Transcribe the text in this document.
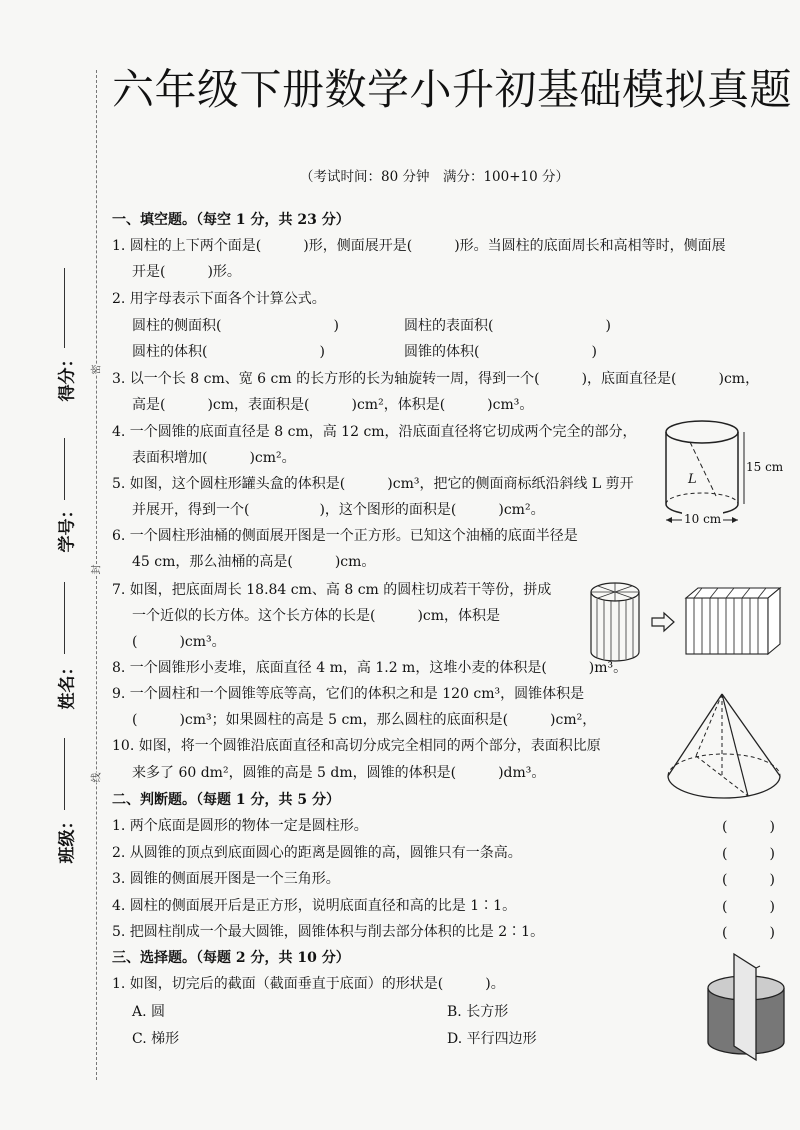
密
封
线
得分：
学号：
姓名：
班级：
六年级下册数学小升初基础模拟真题
（考试时间：80 分钟　满分：100+10 分）
一、填空题。（每空 1 分，共 23 分）
1. 圆柱的上下两个面是(　　　)形，侧面展开是(　　　)形。当圆柱的底面周长和高相等时，侧面展
开是(　　　)形。
2. 用字母表示下面各个计算公式。
圆柱的侧面积(　　　　　　　　)	圆柱的表面积(　　　　　　　　)
圆柱的体积(　　　　　　　　)	圆锥的体积(　　　　　　　　)
3. 以一个长 8 cm、宽 6 cm 的长方形的长为轴旋转一周，得到一个(　　　)，底面直径是(　　　)cm，
高是(　　　)cm，表面积是(　　　)cm²，体积是(　　　)cm³。
4. 一个圆锥的底面直径是 8 cm，高 12 cm，沿底面直径将它切成两个完全的部分，
表面积增加(　　　)cm²。
5. 如图，这个圆柱形罐头盒的体积是(　　　)cm³，把它的侧面商标纸沿斜线 L 剪开
并展开，得到一个(　　　　　)，这个图形的面积是(　　　)cm²。
6. 一个圆柱形油桶的侧面展开图是一个正方形。已知这个油桶的底面半径是
45 cm，那么油桶的高是(　　　)cm。
7. 如图，把底面周长 18.84 cm、高 8 cm 的圆柱切成若干等份，拼成
一个近似的长方体。这个长方体的长是(　　　)cm，体积是
(　　　)cm³。
8. 一个圆锥形小麦堆，底面直径 4 m，高 1.2 m，这堆小麦的体积是(　　　)m³。
9. 一个圆柱和一个圆锥等底等高，它们的体积之和是 120 cm³，圆锥体积是
(　　　)cm³；如果圆柱的高是 5 cm，那么圆柱的底面积是(　　　)cm²，
10. 如图，将一个圆锥沿底面直径和高切分成完全相同的两个部分，表面积比原
来多了 60 dm²，圆锥的高是 5 dm，圆锥的体积是(　　　)dm³。
二、判断题。（每题 1 分，共 5 分）
1. 两个底面是圆形的物体一定是圆柱形。	(　　　)
2. 从圆锥的顶点到底面圆心的距离是圆锥的高，圆锥只有一条高。	(　　　)
3. 圆锥的侧面展开图是一个三角形。	(　　　)
4. 圆柱的侧面展开后是正方形，说明底面直径和高的比是 1∶1。	(　　　)
5. 把圆柱削成一个最大圆锥，圆锥体积与削去部分体积的比是 2∶1。	(　　　)
三、选择题。（每题 2 分，共 10 分）
1. 如图，切完后的截面（截面垂直于底面）的形状是(　　　)。
A. 圆	B. 长方形
C. 梯形	D. 平行四边形
15 cm
10 cm
L
